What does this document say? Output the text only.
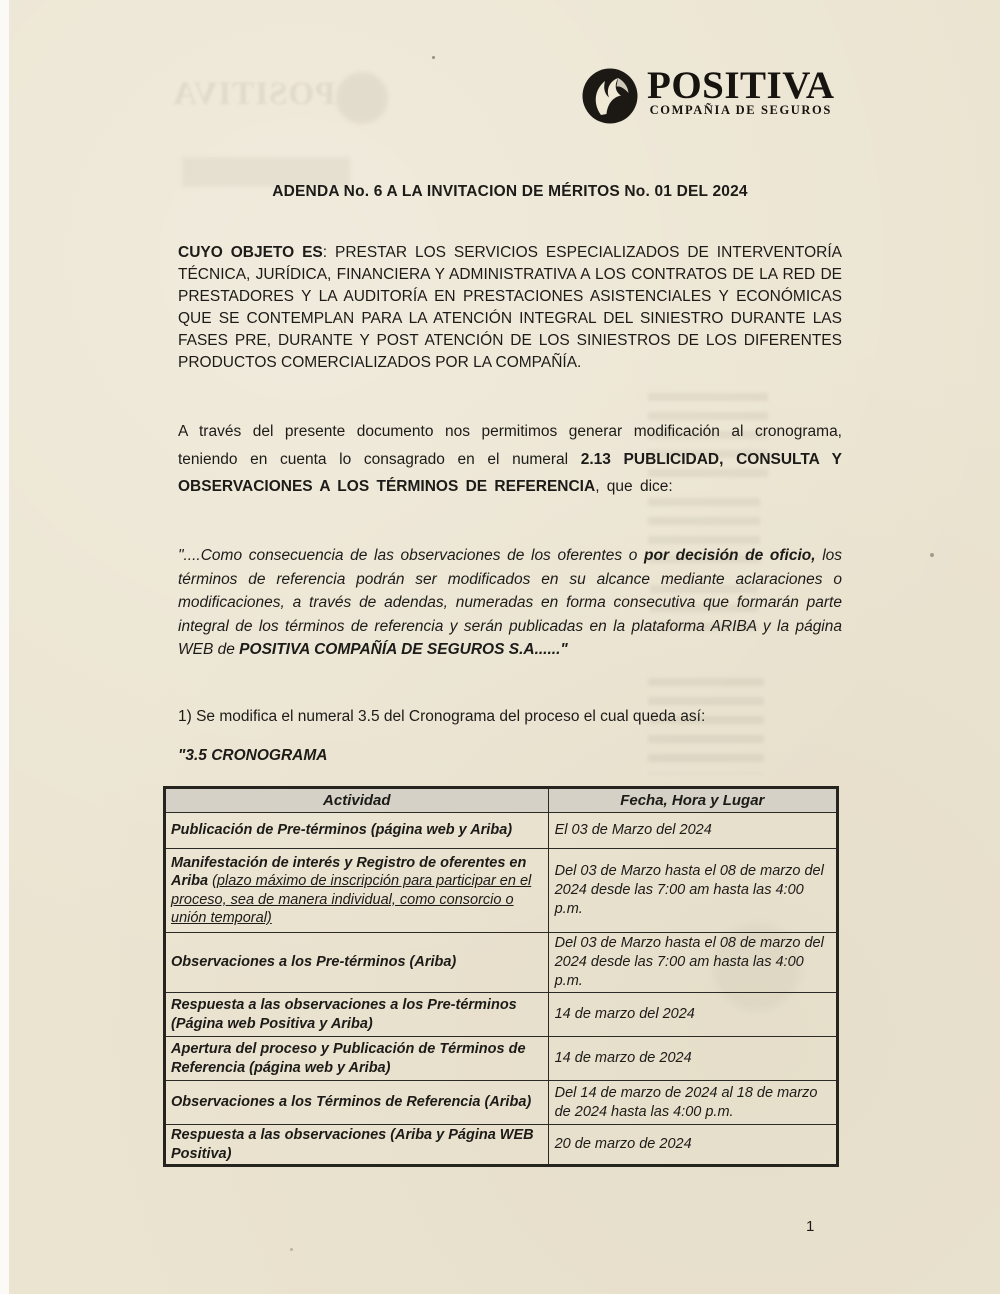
POSITIVA	POSITIVA
COMPAÑIA DE SEGUROS
ADENDA No. 6 A LA INVITACION DE MÉRITOS No. 01 DEL 2024

CUYO OBJETO ES: PRESTAR LOS SERVICIOS ESPECIALIZADOS DE INTERVENTORÍA TÉCNICA, JURÍDICA, FINANCIERA Y ADMINISTRATIVA A LOS CONTRATOS DE LA RED DE PRESTADORES Y LA AUDITORÍA EN PRESTACIONES ASISTENCIALES Y ECONÓMICAS QUE SE CONTEMPLAN PARA LA ATENCIÓN INTEGRAL DEL SINIESTRO DURANTE LAS FASES PRE, DURANTE Y POST ATENCIÓN DE LOS SINIESTROS DE LOS DIFERENTES PRODUCTOS COMERCIALIZADOS POR LA COMPAÑÍA.

A través del presente documento nos permitimos generar modificación al cronograma, teniendo en cuenta lo consagrado en el numeral 2.13 PUBLICIDAD, CONSULTA Y OBSERVACIONES A LOS TÉRMINOS DE REFERENCIA, que dice:

"....Como consecuencia de las observaciones de los oferentes o por decisión de oficio, los términos de referencia podrán ser modificados en su alcance mediante aclaraciones o modificaciones, a través de adendas, numeradas en forma consecutiva que formarán parte integral de los términos de referencia y serán publicadas en la plataforma ARIBA y la página WEB de POSITIVA COMPAÑÍA DE SEGUROS S.A......"

1) Se modifica el numeral 3.5 del Cronograma del proceso el cual queda así:

"3.5 CRONOGRAMA

Actividad	Fecha, Hora y Lugar
Publicación de Pre-términos (página web y Ariba)	El 03 de Marzo del 2024
Manifestación de interés y Registro de oferentes en Ariba (plazo máximo de inscripción para participar en el proceso, sea de manera individual, como consorcio o unión temporal)	Del 03 de Marzo hasta el 08 de marzo del 2024 desde las 7:00 am hasta las 4:00 p.m.
Observaciones a los Pre-términos (Ariba)	Del 03 de Marzo hasta el 08 de marzo del 2024 desde las 7:00 am hasta las 4:00 p.m.
Respuesta a las observaciones a los Pre-términos (Página web Positiva y Ariba)	14 de marzo del 2024
Apertura del proceso y Publicación de Términos de Referencia (página web y Ariba)	14 de marzo de 2024
Observaciones a los Términos de Referencia (Ariba)	Del 14 de marzo de 2024 al 18 de marzo de 2024 hasta las 4:00 p.m.
Respuesta a las observaciones (Ariba y Página WEB Positiva)	20 de marzo de 2024
1
